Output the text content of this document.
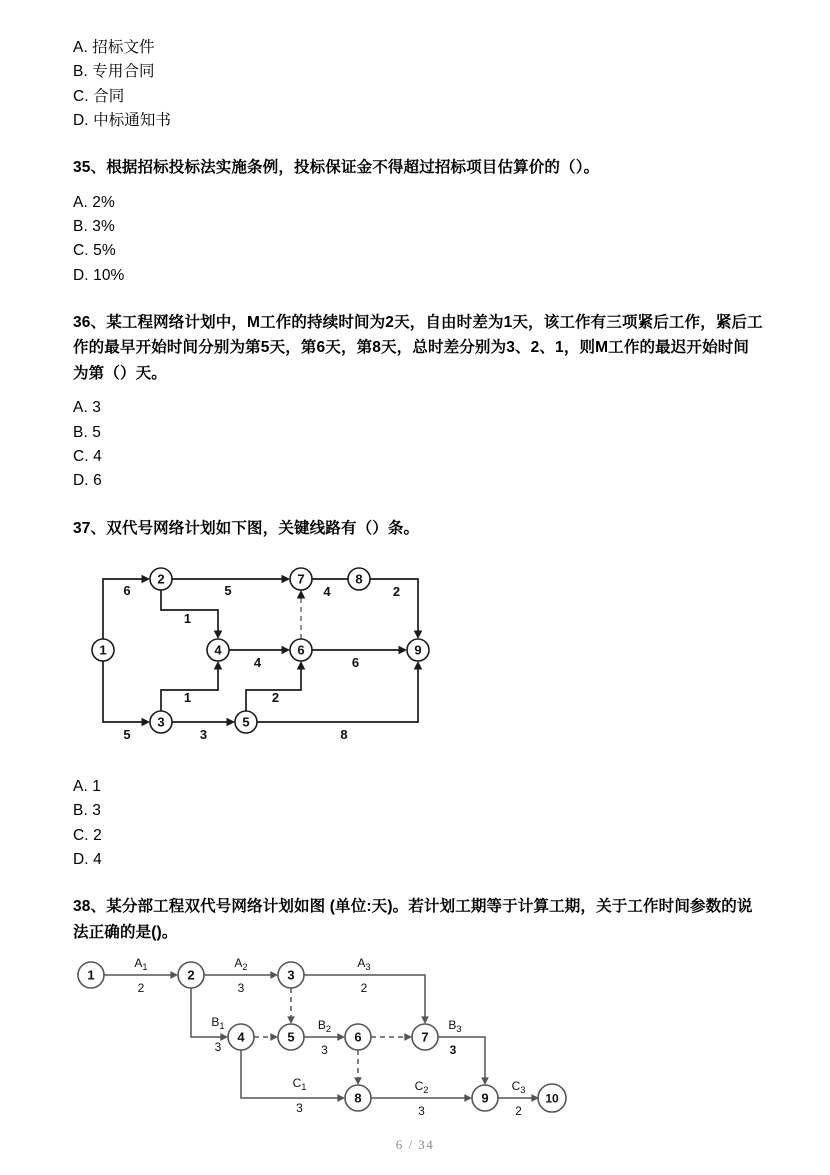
A. 招标文件
B. 专用合同
C. 合同
D. 中标通知书
35、根据招标投标法实施条例，投标保证金不得超过招标项目估算价的（）。
A. 2%
B. 3%
C. 5%
D. 10%
36、某工程网络计划中，M工作的持续时间为2天，自由时差为1天，该工作有三项紧后工作，紧后工作的最早开始时间分别为第5天，第6天，第8天，总时差分别为3、2、1，则M工作的最迟开始时间为第（）天。
A. 3
B. 5
C. 4
D. 6
37、双代号网络计划如下图，关键线路有（）条。
6	5
1
5
1
3
4
2
8
6
4	2
1
2
3
4
5
6
7	8
9
A. 1
B. 3
C. 2
D. 4
38、某分部工程双代号网络计划如图 (单位:天)。若计划工期等于计算工期，关于工作时间参数的说法正确的是()。
$A_1$
2
$A_2$
3
$A_3$
2
$B_1$
3
$B_2$
3
$B_3$
3
$C_1$
3
$C_2$
3
$C_3$
2
1	2	3
4	5	6	7
8	9	10
6 / 34
